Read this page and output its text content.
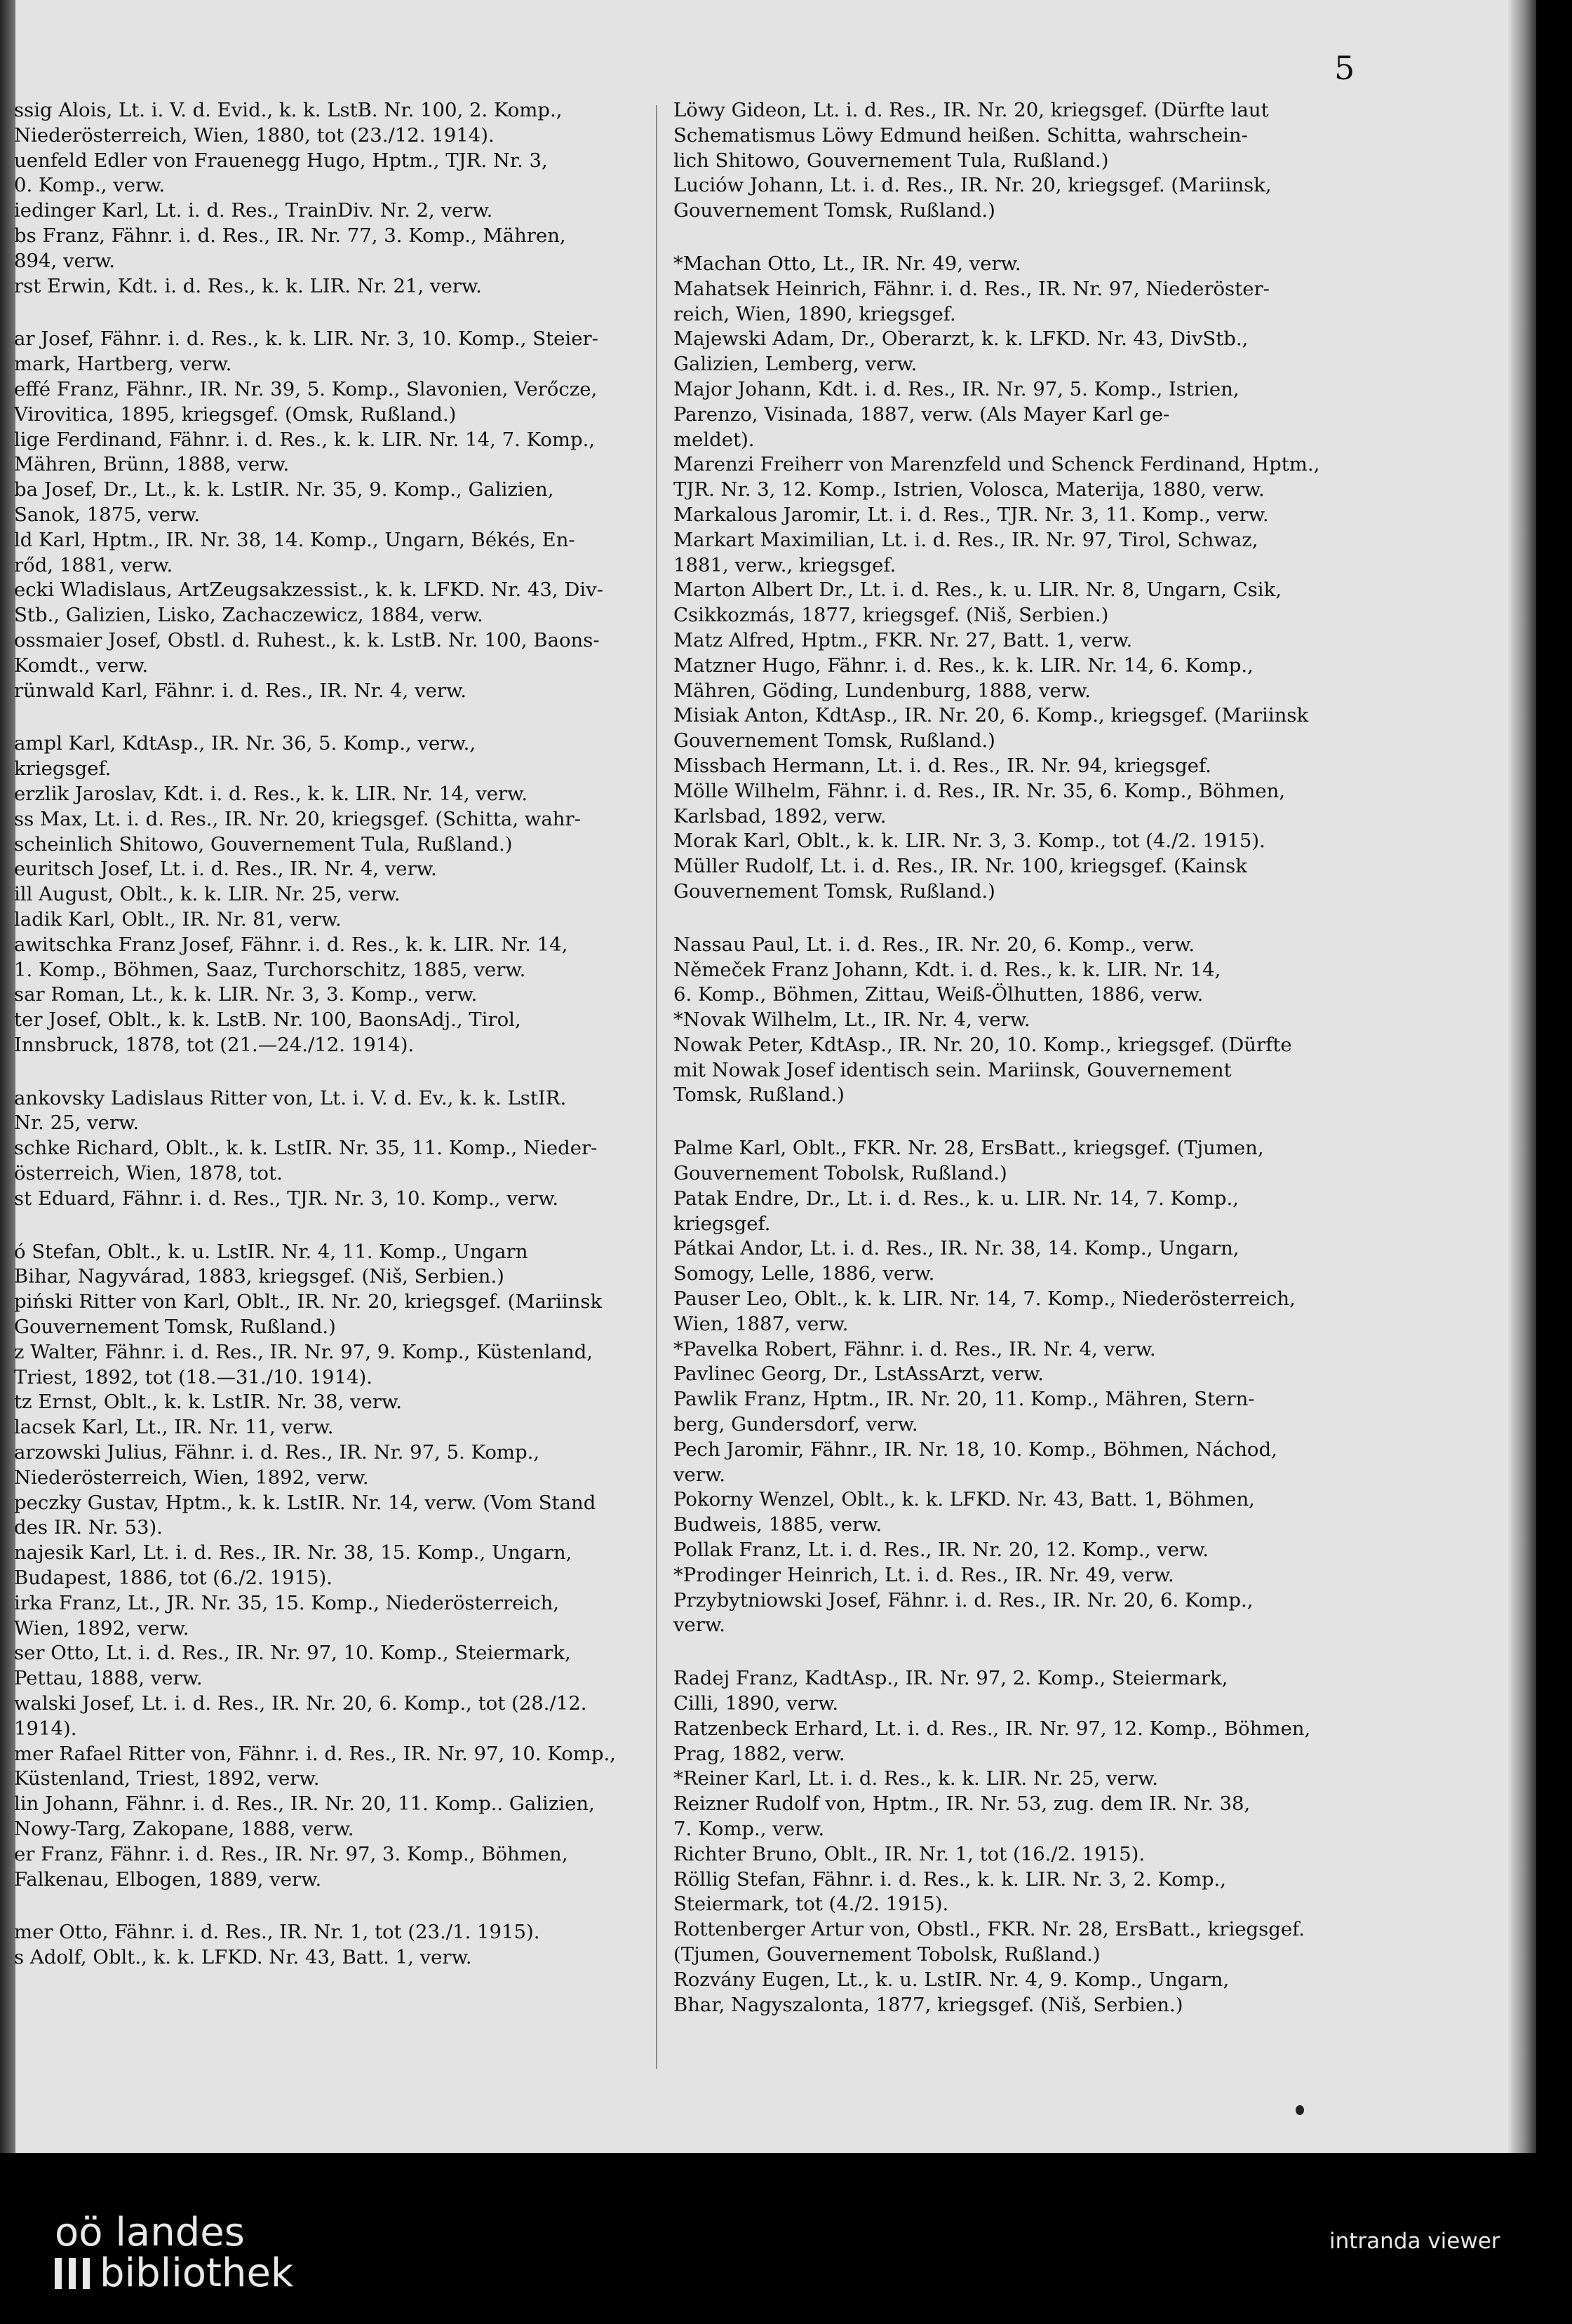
5
ssig Alois, Lt. i. V. d. Evid., k. k. LstB. Nr. 100, 2. Komp.,
Niederösterreich, Wien, 1880, tot (23./12. 1914).
uenfeld Edler von Frauenegg Hugo, Hptm., TJR. Nr. 3,
0. Komp., verw.
iedinger Karl, Lt. i. d. Res., TrainDiv. Nr. 2, verw.
bs Franz, Fähnr. i. d. Res., IR. Nr. 77, 3. Komp., Mähren,
894, verw.
rst Erwin, Kdt. i. d. Res., k. k. LIR. Nr. 21, verw.
ar Josef, Fähnr. i. d. Res., k. k. LIR. Nr. 3, 10. Komp., Steier-
mark, Hartberg, verw.
effé Franz, Fähnr., IR. Nr. 39, 5. Komp., Slavonien, Verőcze,
Virovitica, 1895, kriegsgef. (Omsk, Rußland.)
lige Ferdinand, Fähnr. i. d. Res., k. k. LIR. Nr. 14, 7. Komp.,
Mähren, Brünn, 1888, verw.
ba Josef, Dr., Lt., k. k. LstIR. Nr. 35, 9. Komp., Galizien,
Sanok, 1875, verw.
ld Karl, Hptm., IR. Nr. 38, 14. Komp., Ungarn, Békés, En-
rőd, 1881, verw.
ecki Wladislaus, ArtZeugsakzessist., k. k. LFKD. Nr. 43, Div-
Stb., Galizien, Lisko, Zachaczewicz, 1884, verw.
ossmaier Josef, Obstl. d. Ruhest., k. k. LstB. Nr. 100, Baons-
Komdt., verw.
rünwald Karl, Fähnr. i. d. Res., IR. Nr. 4, verw.
ampl Karl, KdtAsp., IR. Nr. 36, 5. Komp., verw.,
kriegsgef.
erzlik Jaroslav, Kdt. i. d. Res., k. k. LIR. Nr. 14, verw.
ss Max, Lt. i. d. Res., IR. Nr. 20, kriegsgef. (Schitta, wahr-
scheinlich Shitowo, Gouvernement Tula, Rußland.)
euritsch Josef, Lt. i. d. Res., IR. Nr. 4, verw.
ill August, Oblt., k. k. LIR. Nr. 25, verw.
ladik Karl, Oblt., IR. Nr. 81, verw.
awitschka Franz Josef, Fähnr. i. d. Res., k. k. LIR. Nr. 14,
1. Komp., Böhmen, Saaz, Turchorschitz, 1885, verw.
sar Roman, Lt., k. k. LIR. Nr. 3, 3. Komp., verw.
ter Josef, Oblt., k. k. LstB. Nr. 100, BaonsAdj., Tirol,
Innsbruck, 1878, tot (21.—24./12. 1914).
ankovsky Ladislaus Ritter von, Lt. i. V. d. Ev., k. k. LstIR.
Nr. 25, verw.
schke Richard, Oblt., k. k. LstIR. Nr. 35, 11. Komp., Nieder-
österreich, Wien, 1878, tot.
st Eduard, Fähnr. i. d. Res., TJR. Nr. 3, 10. Komp., verw.
ó Stefan, Oblt., k. u. LstIR. Nr. 4, 11. Komp., Ungarn
Bihar, Nagyvárad, 1883, kriegsgef. (Niš, Serbien.)
piński Ritter von Karl, Oblt., IR. Nr. 20, kriegsgef. (Mariinsk
Gouvernement Tomsk, Rußland.)
z Walter, Fähnr. i. d. Res., IR. Nr. 97, 9. Komp., Küstenland,
Triest, 1892, tot (18.—31./10. 1914).
tz Ernst, Oblt., k. k. LstIR. Nr. 38, verw.
lacsek Karl, Lt., IR. Nr. 11, verw.
arzowski Julius, Fähnr. i. d. Res., IR. Nr. 97, 5. Komp.,
Niederösterreich, Wien, 1892, verw.
peczky Gustav, Hptm., k. k. LstIR. Nr. 14, verw. (Vom Stand
des IR. Nr. 53).
najesik Karl, Lt. i. d. Res., IR. Nr. 38, 15. Komp., Ungarn,
Budapest, 1886, tot (6./2. 1915).
irka Franz, Lt., JR. Nr. 35, 15. Komp., Niederösterreich,
Wien, 1892, verw.
ser Otto, Lt. i. d. Res., IR. Nr. 97, 10. Komp., Steiermark,
Pettau, 1888, verw.
walski Josef, Lt. i. d. Res., IR. Nr. 20, 6. Komp., tot (28./12.
1914).
mer Rafael Ritter von, Fähnr. i. d. Res., IR. Nr. 97, 10. Komp.,
Küstenland, Triest, 1892, verw.
lin Johann, Fähnr. i. d. Res., IR. Nr. 20, 11. Komp.. Galizien,
Nowy-Targ, Zakopane, 1888, verw.
er Franz, Fähnr. i. d. Res., IR. Nr. 97, 3. Komp., Böhmen,
Falkenau, Elbogen, 1889, verw.
mer Otto, Fähnr. i. d. Res., IR. Nr. 1, tot (23./1. 1915).
s Adolf, Oblt., k. k. LFKD. Nr. 43, Batt. 1, verw.
Löwy Gideon, Lt. i. d. Res., IR. Nr. 20, kriegsgef. (Dürfte laut
Schematismus Löwy Edmund heißen. Schitta, wahrschein-
lich Shitowo, Gouvernement Tula, Rußland.)
Luciów Johann, Lt. i. d. Res., IR. Nr. 20, kriegsgef. (Mariinsk,
Gouvernement Tomsk, Rußland.)
*Machan Otto, Lt., IR. Nr. 49, verw.
Mahatsek Heinrich, Fähnr. i. d. Res., IR. Nr. 97, Niederöster-
reich, Wien, 1890, kriegsgef.
Majewski Adam, Dr., Oberarzt, k. k. LFKD. Nr. 43, DivStb.,
Galizien, Lemberg, verw.
Major Johann, Kdt. i. d. Res., IR. Nr. 97, 5. Komp., Istrien,
Parenzo, Visinada, 1887, verw. (Als Mayer Karl ge-
meldet).
Marenzi Freiherr von Marenzfeld und Schenck Ferdinand, Hptm.,
TJR. Nr. 3, 12. Komp., Istrien, Volosca, Materija, 1880, verw.
Markalous Jaromir, Lt. i. d. Res., TJR. Nr. 3, 11. Komp., verw.
Markart Maximilian, Lt. i. d. Res., IR. Nr. 97, Tirol, Schwaz,
1881, verw., kriegsgef.
Marton Albert Dr., Lt. i. d. Res., k. u. LIR. Nr. 8, Ungarn, Csik,
Csikkozmás, 1877, kriegsgef. (Niš, Serbien.)
Matz Alfred, Hptm., FKR. Nr. 27, Batt. 1, verw.
Matzner Hugo, Fähnr. i. d. Res., k. k. LIR. Nr. 14, 6. Komp.,
Mähren, Göding, Lundenburg, 1888, verw.
Misiak Anton, KdtAsp., IR. Nr. 20, 6. Komp., kriegsgef. (Mariinsk
Gouvernement Tomsk, Rußland.)
Missbach Hermann, Lt. i. d. Res., IR. Nr. 94, kriegsgef.
Mölle Wilhelm, Fähnr. i. d. Res., IR. Nr. 35, 6. Komp., Böhmen,
Karlsbad, 1892, verw.
Morak Karl, Oblt., k. k. LIR. Nr. 3, 3. Komp., tot (4./2. 1915).
Müller Rudolf, Lt. i. d. Res., IR. Nr. 100, kriegsgef. (Kainsk
Gouvernement Tomsk, Rußland.)
Nassau Paul, Lt. i. d. Res., IR. Nr. 20, 6. Komp., verw.
Němeček Franz Johann, Kdt. i. d. Res., k. k. LIR. Nr. 14,
6. Komp., Böhmen, Zittau, Weiß-Ölhutten, 1886, verw.
*Novak Wilhelm, Lt., IR. Nr. 4, verw.
Nowak Peter, KdtAsp., IR. Nr. 20, 10. Komp., kriegsgef. (Dürfte
mit Nowak Josef identisch sein. Mariinsk, Gouvernement
Tomsk, Rußland.)
Palme Karl, Oblt., FKR. Nr. 28, ErsBatt., kriegsgef. (Tjumen,
Gouvernement Tobolsk, Rußland.)
Patak Endre, Dr., Lt. i. d. Res., k. u. LIR. Nr. 14, 7. Komp.,
kriegsgef.
Pátkai Andor, Lt. i. d. Res., IR. Nr. 38, 14. Komp., Ungarn,
Somogy, Lelle, 1886, verw.
Pauser Leo, Oblt., k. k. LIR. Nr. 14, 7. Komp., Niederösterreich,
Wien, 1887, verw.
*Pavelka Robert, Fähnr. i. d. Res., IR. Nr. 4, verw.
Pavlinec Georg, Dr., LstAssArzt, verw.
Pawlik Franz, Hptm., IR. Nr. 20, 11. Komp., Mähren, Stern-
berg, Gundersdorf, verw.
Pech Jaromir, Fähnr., IR. Nr. 18, 10. Komp., Böhmen, Náchod,
verw.
Pokorny Wenzel, Oblt., k. k. LFKD. Nr. 43, Batt. 1, Böhmen,
Budweis, 1885, verw.
Pollak Franz, Lt. i. d. Res., IR. Nr. 20, 12. Komp., verw.
*Prodinger Heinrich, Lt. i. d. Res., IR. Nr. 49, verw.
Przybytniowski Josef, Fähnr. i. d. Res., IR. Nr. 20, 6. Komp.,
verw.
Radej Franz, KadtAsp., IR. Nr. 97, 2. Komp., Steiermark,
Cilli, 1890, verw.
Ratzenbeck Erhard, Lt. i. d. Res., IR. Nr. 97, 12. Komp., Böhmen,
Prag, 1882, verw.
*Reiner Karl, Lt. i. d. Res., k. k. LIR. Nr. 25, verw.
Reizner Rudolf von, Hptm., IR. Nr. 53, zug. dem IR. Nr. 38,
7. Komp., verw.
Richter Bruno, Oblt., IR. Nr. 1, tot (16./2. 1915).
Röllig Stefan, Fähnr. i. d. Res., k. k. LIR. Nr. 3, 2. Komp.,
Steiermark, tot (4./2. 1915).
Rottenberger Artur von, Obstl., FKR. Nr. 28, ErsBatt., kriegsgef.
(Tjumen, Gouvernement Tobolsk, Rußland.)
Rozvány Eugen, Lt., k. u. LstIR. Nr. 4, 9. Komp., Ungarn,
Bhar, Nagyszalonta, 1877, kriegsgef. (Niš, Serbien.)
oö landes
bibliothek
intranda viewer
